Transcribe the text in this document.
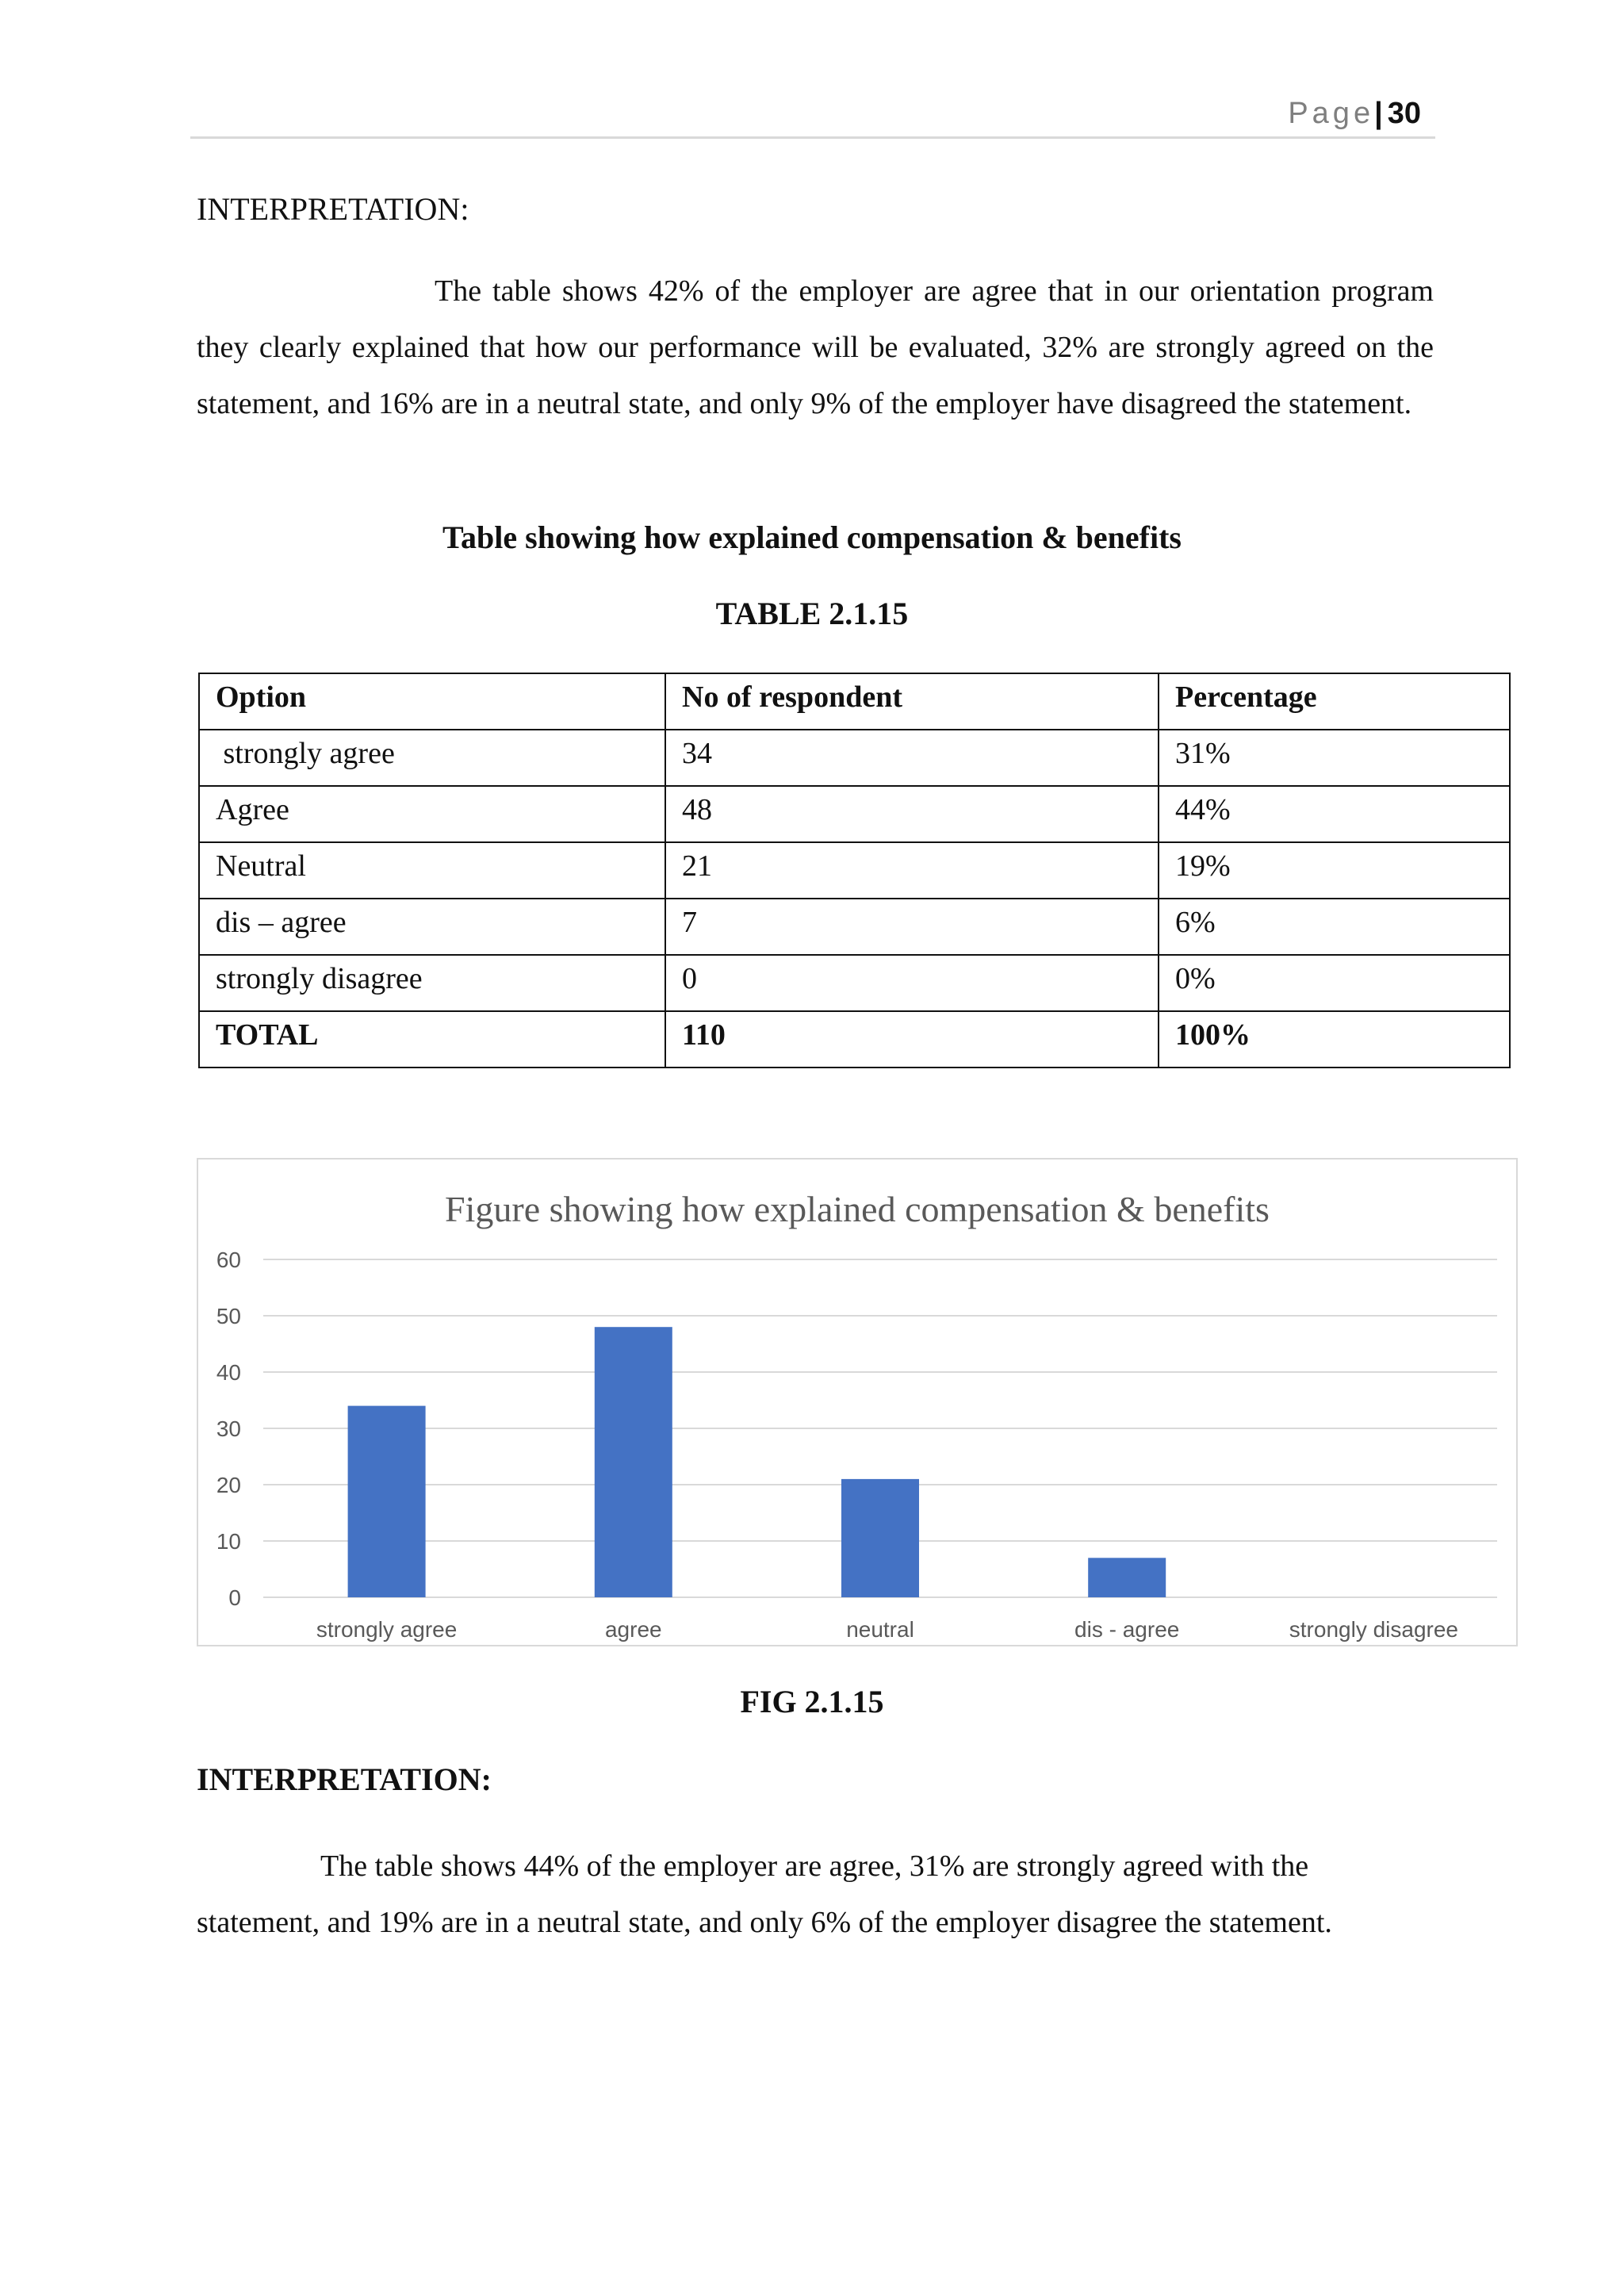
Page| 30
INTERPRETATION:

The table shows 42% of the employer are agree that in our orientation program they clearly explained that how our performance will be evaluated, 32% are strongly agreed on the statement, and 16% are in a neutral state, and only 9% of the employer have disagreed the statement.

Table showing how explained compensation & benefits
TABLE 2.1.15
Option	No of respondent	Percentage
strongly agree	34	31%
Agree	48	44%
Neutral	21	19%
dis – agree	7	6%
strongly disagree	0	0%
TOTAL	110	100%
Figure showing how explained compensation & benefits
0
10
20
30
40
50
60
strongly agree	agree	neutral	dis - agree	strongly disagree
FIG 2.1.15
INTERPRETATION:

The table shows 44% of the employer are agree, 31% are strongly agreed with the statement, and 19% are in a neutral state, and only 6% of the employer disagree the statement.
